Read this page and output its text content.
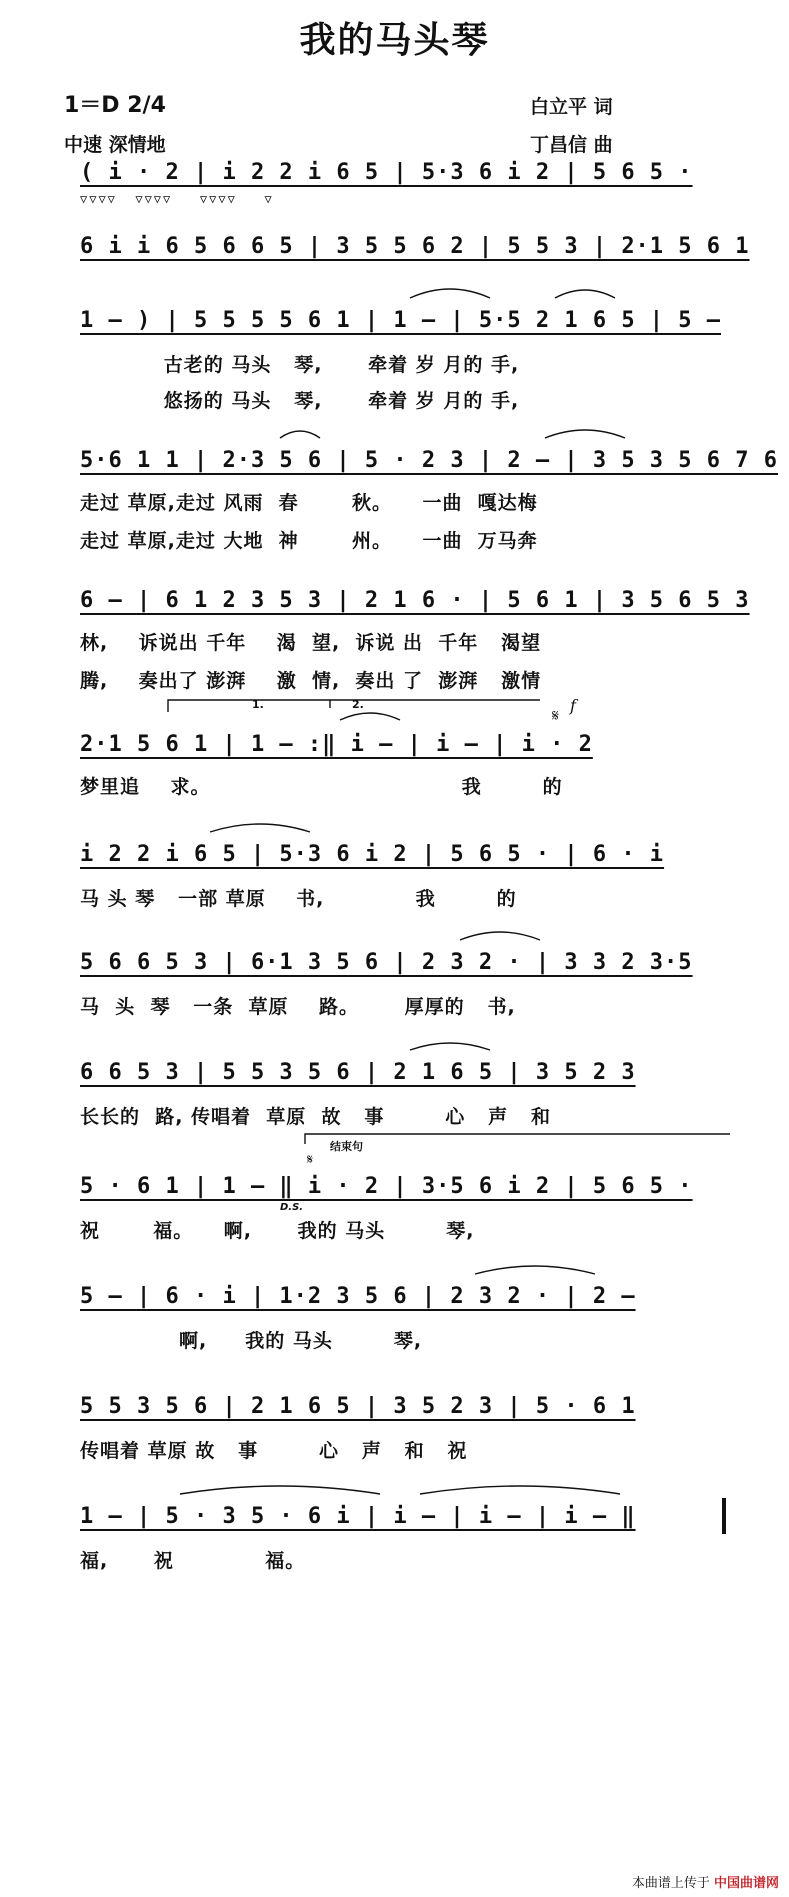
我的马头琴
1＝D 2/4
中速 深情地
白立平 词
丁昌信 曲
( i · 2 | i 2 2 i 6 5 | 5·3 6 i 2 | 5 6 5 ·
▽▽▽▽  ▽▽▽▽   ▽▽▽▽   ▽
6 i i 6 5 6 6 5 | 3 5 5 6 2 | 5 5 3 | 2·1 5 6 1
1 – ) | 5 5 5 5 6 1 | 1 – | 5·5 2 1 6 5 | 5 –
古老的 马头   琴,      牵着 岁 月的 手,
悠扬的 马头   琴,      牵着 岁 月的 手,
5·6 1 1 | 2·3 5 6 | 5 · 2 3 | 2 – | 3 5 3 5 6 7 6
走过 草原,走过 风雨  春       秋。    一曲  嘎达梅
走过 草原,走过 大地  神       州。    一曲  万马奔
6 – | 6 1 2 3 5 3 | 2 1 6 · | 5 6 1 | 3 5 6 5 3
林,    诉说出 千年    渴  望,  诉说 出  千年   渴望
腾,    奏出了 澎湃    激  情,  奏出 了  澎湃   激情
1.	2.
𝄋
f
2·1 5 6 1 | 1 – :‖ i – | i – | i · 2
梦里追    求。                                 我        的
i 2 2 i 6 5 | 5·3 6 i 2 | 5 6 5 · | 6 · i
马 头 琴   一部 草原    书,            我        的
5 6 6 5 3 | 6·1 3 5 6 | 2 3 2 · | 3 3 2 3·5
马  头  琴   一条  草原    路。      厚厚的   书,
6 6 5 3 | 5 5 3 5 6 | 2 1 6 5 | 3 5 2 3
长长的  路, 传唱着  草原  故   事        心   声   和
结束句
D.S.
𝄋
5 · 6 1 | 1 – ‖ i · 2 | 3·5 6 i 2 | 5 6 5 ·
祝       福。    啊,      我的 马头        琴,
5 – | 6 · i | 1·2 3 5 6 | 2 3 2 · | 2 –
啊,     我的 马头        琴,
5 5 3 5 6 | 2 1 6 5 | 3 5 2 3 | 5 · 6 1
传唱着 草原 故   事        心   声   和   祝
1 – | 5 · 3 5 · 6 i | i – | i – | i – ‖
福,      祝            福。
本曲谱上传于 中国曲谱网
